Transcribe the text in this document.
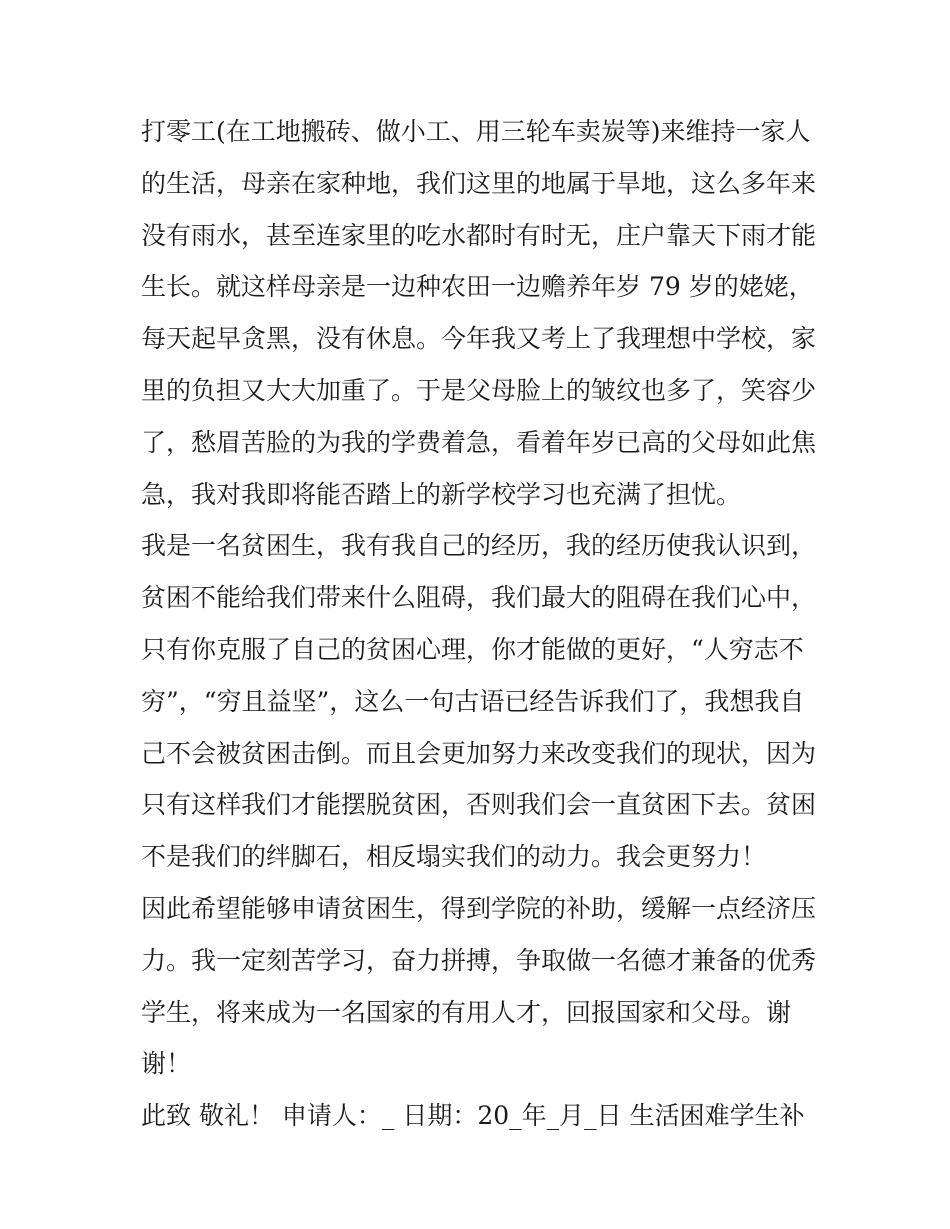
打零工(在工地搬砖、做小工、用三轮车卖炭等)来维持一家人
的生活，母亲在家种地，我们这里的地属于旱地，这么多年来
没有雨水，甚至连家里的吃水都时有时无，庄户靠天下雨才能
生长。就这样母亲是一边种农田一边赡养年岁 79 岁的姥姥，
每天起早贪黑，没有休息。今年我又考上了我理想中学校，家
里的负担又大大加重了。于是父母脸上的皱纹也多了，笑容少
了，愁眉苦脸的为我的学费着急，看着年岁已高的父母如此焦
急，我对我即将能否踏上的新学校学习也充满了担忧。
我是一名贫困生，我有我自己的经历，我的经历使我认识到，
贫困不能给我们带来什么阻碍，我们最大的阻碍在我们心中，
只有你克服了自己的贫困心理，你才能做的更好，“人穷志不
穷”，“穷且益坚”，这么一句古语已经告诉我们了，我想我自
己不会被贫困击倒。而且会更加努力来改变我们的现状，因为
只有这样我们才能摆脱贫困，否则我们会一直贫困下去。贫困
不是我们的绊脚石，相反塌实我们的动力。我会更努力！
因此希望能够申请贫困生，得到学院的补助，缓解一点经济压
力。我一定刻苦学习，奋力拼搏，争取做一名德才兼备的优秀
学生，将来成为一名国家的有用人才，回报国家和父母。谢
谢！
此致 敬礼！ 申请人：_ 日期：20_年_月_日 生活困难学生补
